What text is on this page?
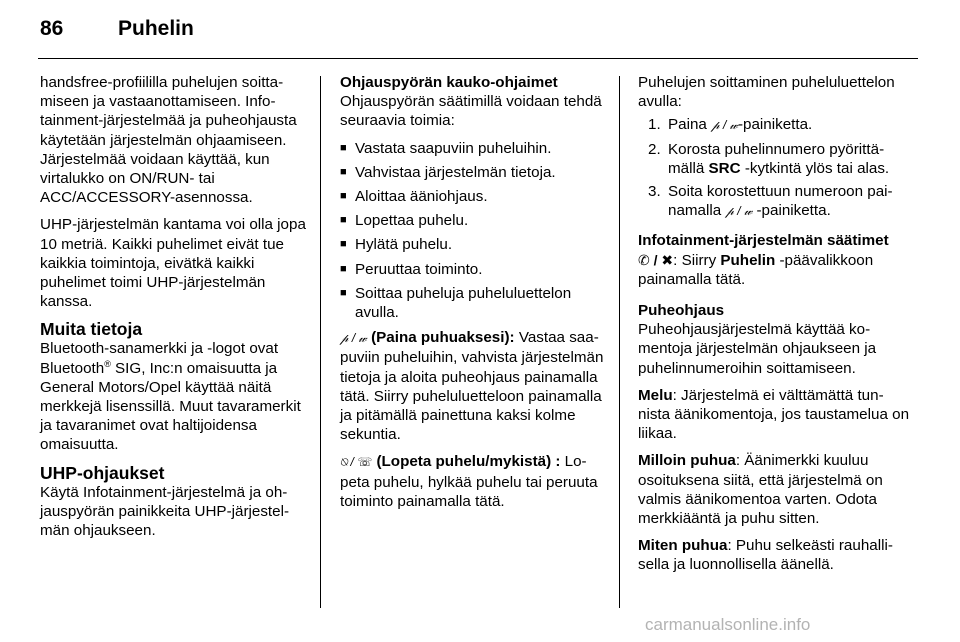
86	Puhelin

handsfree-profiililla puhelujen soittamiseen ja vastaanottamiseen. Infotainment-järjestelmää ja puheohjausta käytetään järjestelmän ohjaamiseen. Järjestelmää voidaan käyttää, kun virtalukko on ON/RUN- tai ACC/ACCESSORY-asennossa.

UHP-järjestelmän kantama voi olla jopa 10 metriä. Kaikki puhelimet eivät tue kaikkia toimintoja, eivätkä kaikki puhelimet toimi UHP-järjestelmän kanssa.

Muita tietoja

Bluetooth-sanamerkki ja -logot ovat Bluetooth® SIG, Inc:n omaisuutta ja General Motors/Opel käyttää näitä merkkejä lisenssillä. Muut tavaramerkit ja tavaranimet ovat haltijoidensa omaisuutta.

UHP-ohjaukset

Käytä Infotainment-järjestelmä ja ohjauspyörän painikkeita UHP-järjestelmän ohjaukseen.

Ohjauspyörän kauko-ohjaimet

Ohjauspyörän säätimillä voidaan tehdä seuraavia toimia:

■ Vastata saapuviin puheluihin.
■ Vahvistaa järjestelmän tietoja.
■ Aloittaa ääniohjaus.
■ Lopettaa puhelu.
■ Hylätä puhelu.
■ Peruuttaa toiminto.
■ Soittaa puheluja puheluluettelon avulla.

𝓅 / 𝓌 (Paina puhuaksesi): Vastaa saapuviin puheluihin, vahvista järjestelmän tietoja ja aloita puheohjaus painamalla tätä. Siirry puheluluetteloon painamalla ja pitämällä painettuna kaksi kolme sekuntia.

⍉ / ☏ (Lopeta puhelu/mykistä) : Lopeta puhelu, hylkää puhelu tai peruuta toiminto painamalla tätä.

Puhelujen soittaminen puheluluettelon avulla:

1. Paina 𝓅 / 𝓌-painiketta.
2. Korosta puhelinnumero pyörittämällä SRC -kytkintä ylös tai alas.
3. Soita korostettuun numeroon painamalla 𝓅 / 𝓌 -painiketta.
Infotainment-järjestelmän säätimet

✆ / ✖: Siirry Puhelin -päävalikkoon painamalla tätä.

Puheohjaus

Puheohjausjärjestelmä käyttää komentoja järjestelmän ohjaukseen ja puhelinnumeroihin soittamiseen.

Melu: Järjestelmä ei välttämättä tunnista äänikomentoja, jos taustamelua on liikaa.

Milloin puhua: Äänimerkki kuuluu osoituksena siitä, että järjestelmä on valmis äänikomentoa varten. Odota merkkiääntä ja puhu sitten.

Miten puhua: Puhu selkeästi rauhallisella ja luonnollisella äänellä.

carmanualsonline.info
